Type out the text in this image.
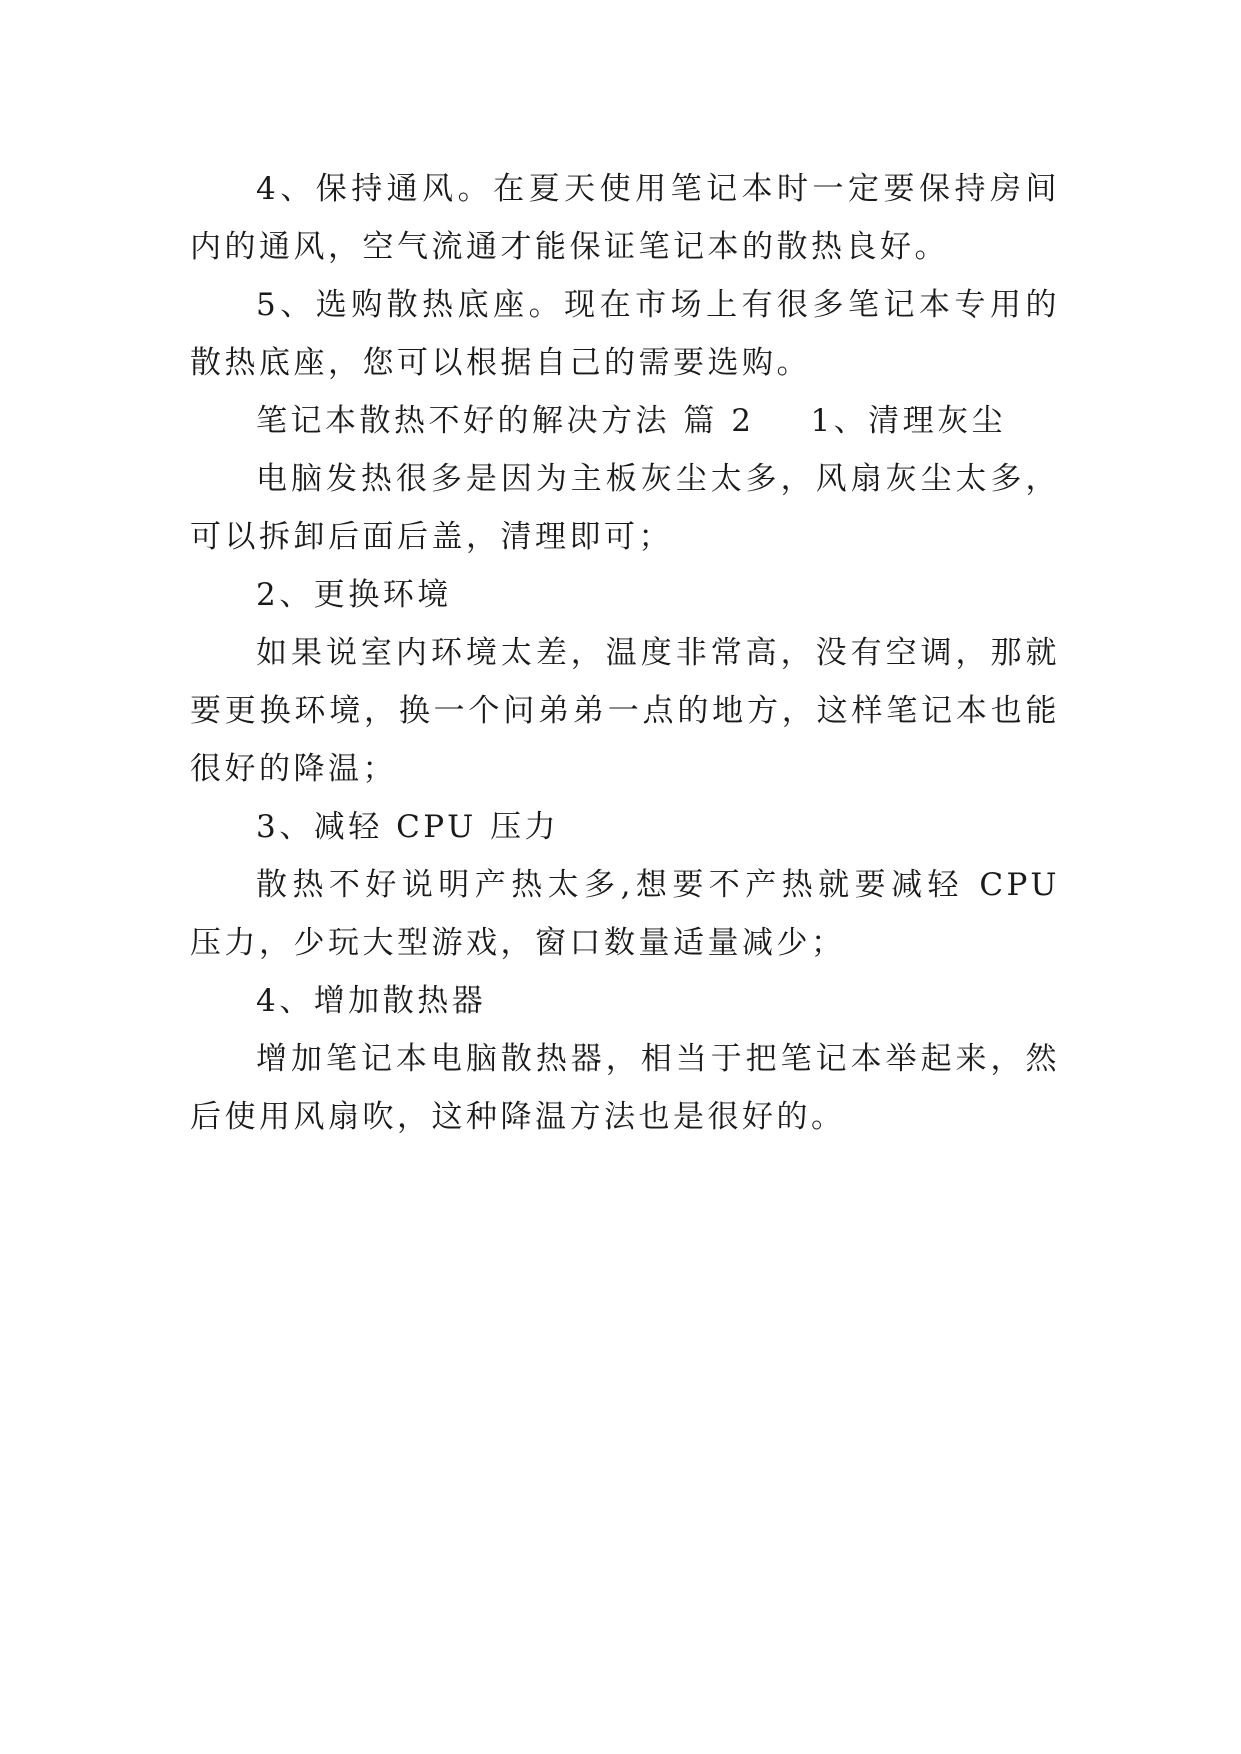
4、保持通风。在夏天使用笔记本时一定要保持房间内的通风，空气流通才能保证笔记本的散热良好。

5、选购散热底座。现在市场上有很多笔记本专用的散热底座，您可以根据自己的需要选购。

笔记本散热不好的解决方法 篇 2 1、清理灰尘

电脑发热很多是因为主板灰尘太多，风扇灰尘太多，可以拆卸后面后盖，清理即可；

2、更换环境

如果说室内环境太差，温度非常高，没有空调，那就要更换环境，换一个问弟弟一点的地方，这样笔记本也能很好的降温；

3、减轻 CPU 压力

散热不好说明产热太多,想要不产热就要减轻 CPU 压力，少玩大型游戏，窗口数量适量减少；

4、增加散热器

增加笔记本电脑散热器，相当于把笔记本举起来，然后使用风扇吹，这种降温方法也是很好的。
